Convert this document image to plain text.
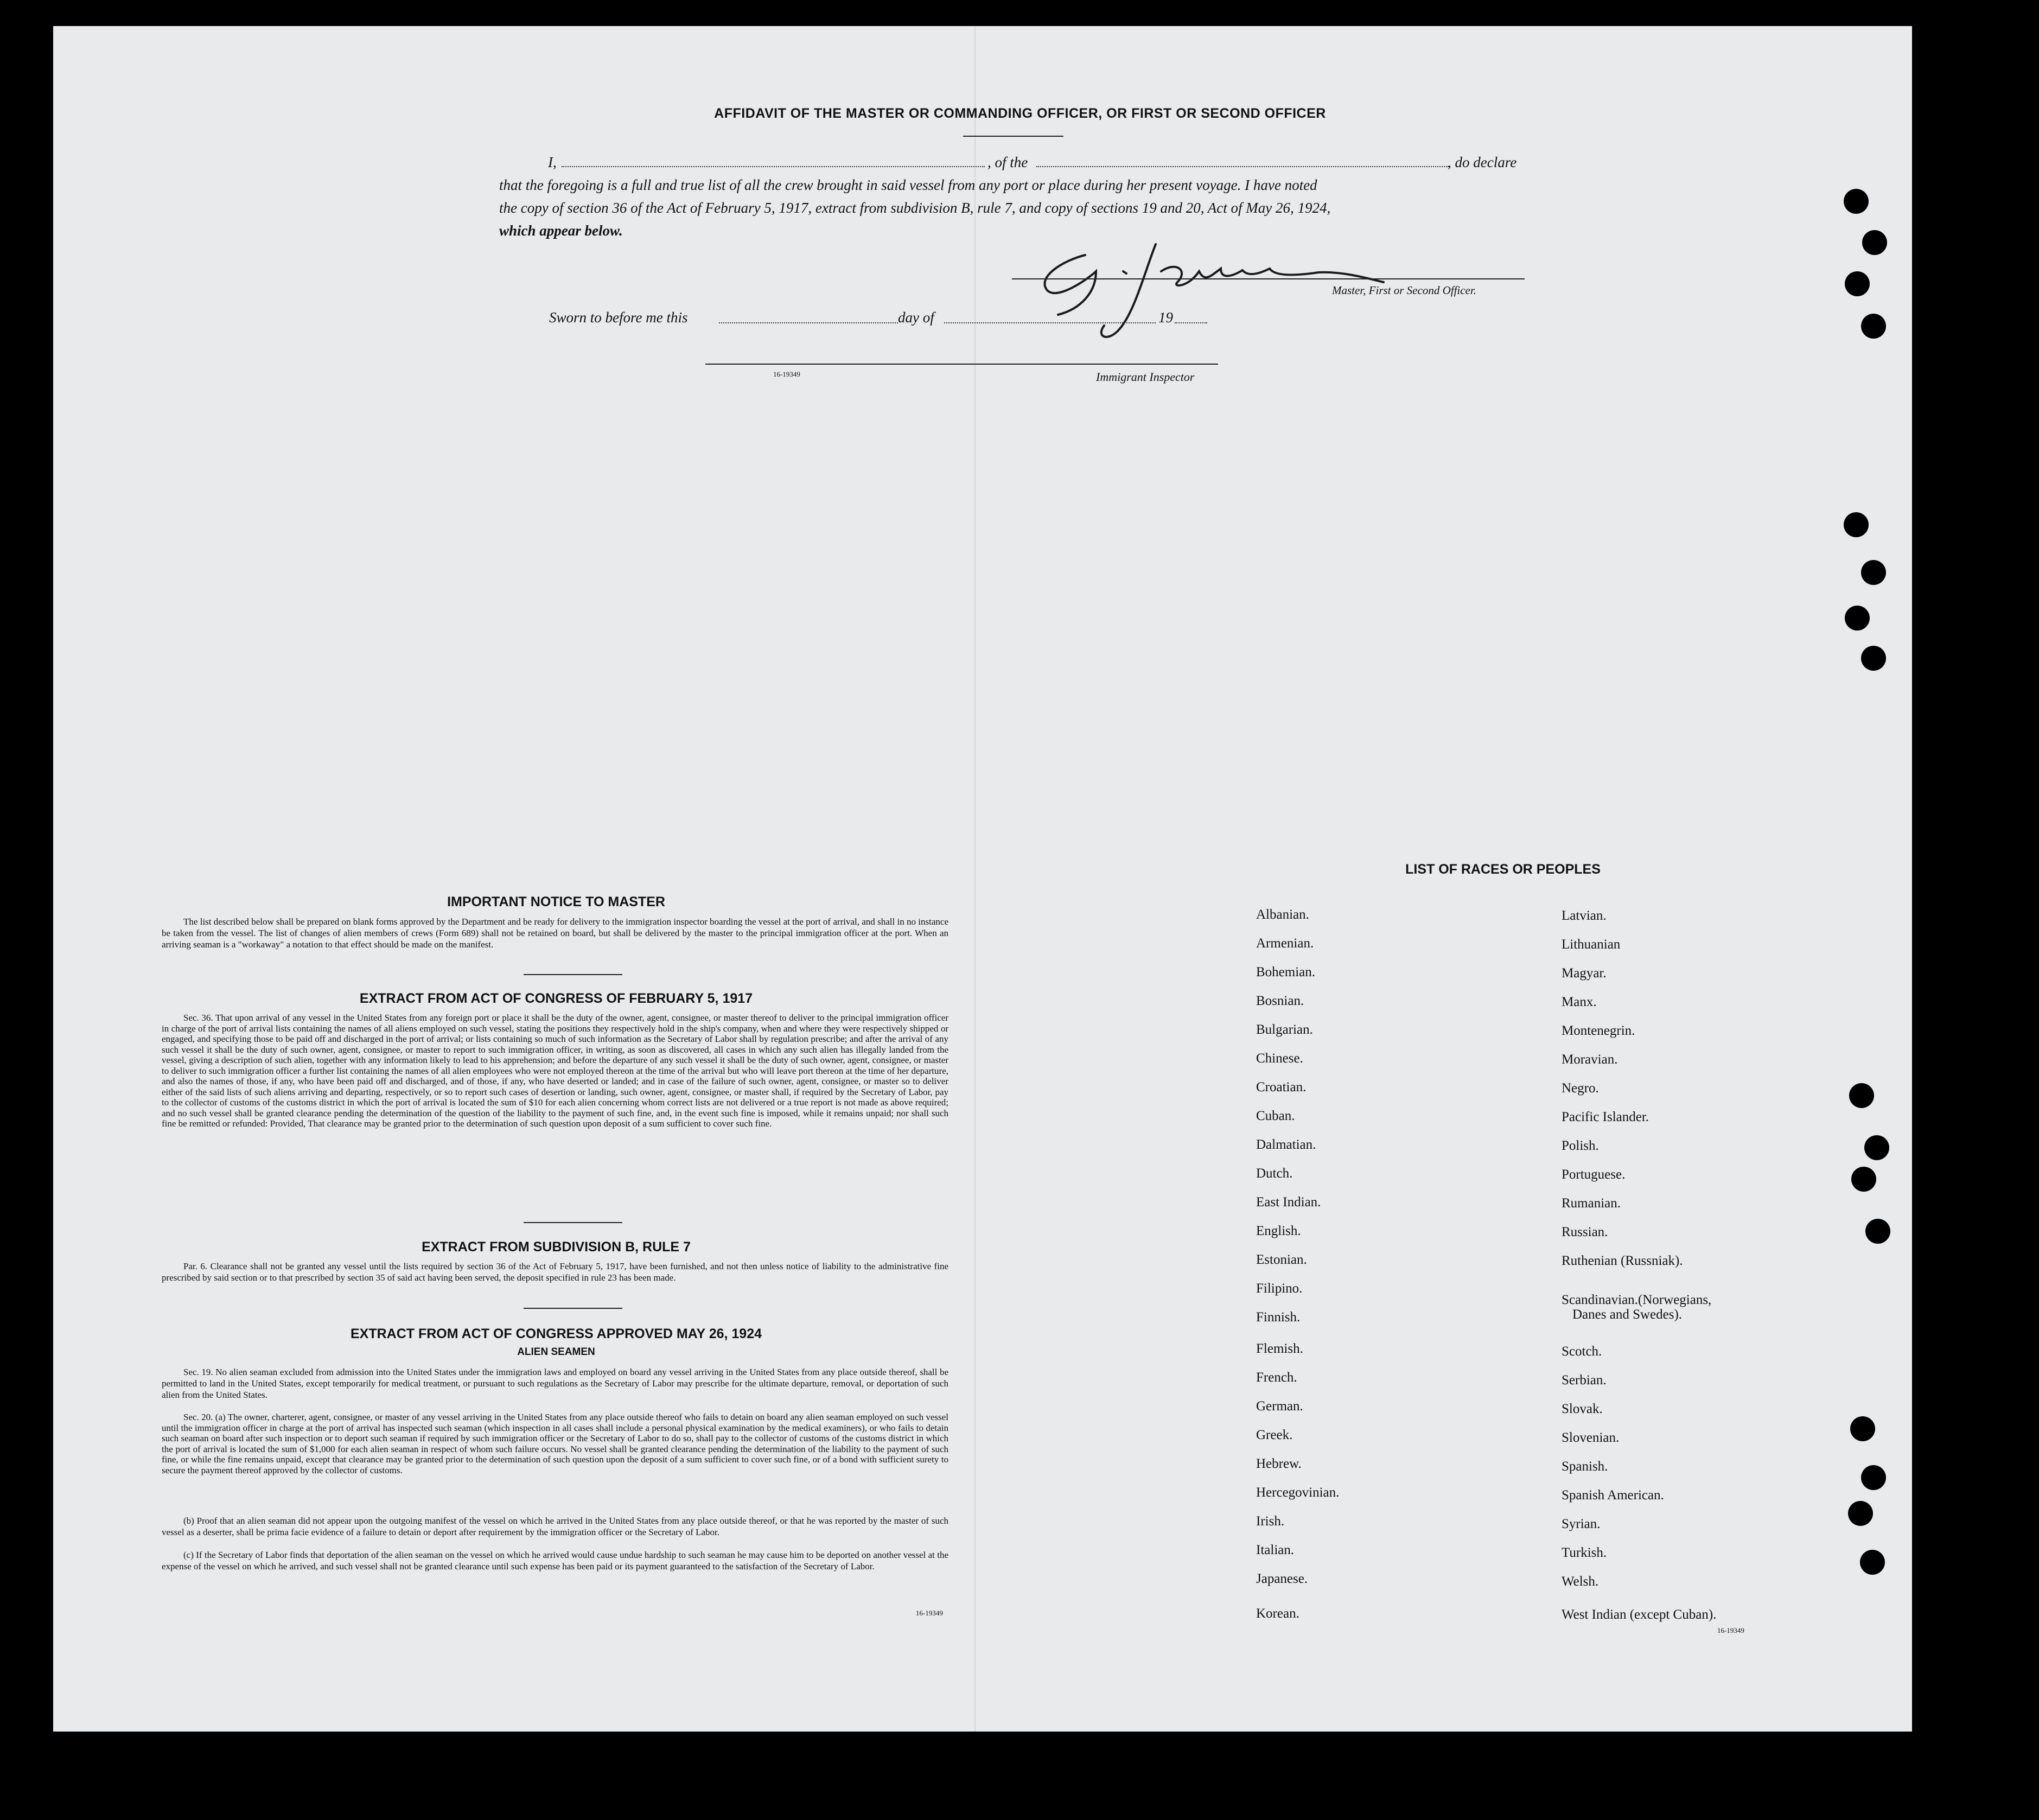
AFFIDAVIT OF THE MASTER OR COMMANDING OFFICER, OR FIRST OR SECOND OFFICER
I,	, of the	, do declare
that the foregoing is a full and true list of all the crew brought in said vessel from any port or place during her present voyage. I have noted
the copy of section 36 of the Act of February 5, 1917, extract from subdivision B, rule 7, and copy of sections 19 and 20, Act of May 26, 1924,
which appear below.
Master, First or Second Officer.
Sworn to before me this	day of	19
16-19349	Immigrant Inspector
IMPORTANT NOTICE TO MASTER
The list described below shall be prepared on blank forms approved by the Department and be ready for delivery to the immigration inspector boarding the vessel at the port of arrival, and shall in no instance be taken from the vessel. The list of changes of alien members of crews (Form 689) shall not be retained on board, but shall be delivered by the master to the principal immigration officer at the port. When an arriving seaman is a "workaway" a notation to that effect should be made on the manifest.
EXTRACT FROM ACT OF CONGRESS OF FEBRUARY 5, 1917
Sec. 36. That upon arrival of any vessel in the United States from any foreign port or place it shall be the duty of the owner, agent, consignee, or master thereof to deliver to the principal immigration officer in charge of the port of arrival lists containing the names of all aliens employed on such vessel, stating the positions they respectively hold in the ship's company, when and where they were respectively shipped or engaged, and specifying those to be paid off and discharged in the port of arrival; or lists containing so much of such information as the Secretary of Labor shall by regulation prescribe; and after the arrival of any such vessel it shall be the duty of such owner, agent, consignee, or master to report to such immigration officer, in writing, as soon as discovered, all cases in which any such alien has illegally landed from the vessel, giving a description of such alien, together with any information likely to lead to his apprehension; and before the departure of any such vessel it shall be the duty of such owner, agent, consignee, or master to deliver to such immigration officer a further list containing the names of all alien employees who were not employed thereon at the time of the arrival but who will leave port thereon at the time of her departure, and also the names of those, if any, who have been paid off and discharged, and of those, if any, who have deserted or landed; and in case of the failure of such owner, agent, consignee, or master so to deliver either of the said lists of such aliens arriving and departing, respectively, or so to report such cases of desertion or landing, such owner, agent, consignee, or master shall, if required by the Secretary of Labor, pay to the collector of customs of the customs district in which the port of arrival is located the sum of $10 for each alien concerning whom correct lists are not delivered or a true report is not made as above required; and no such vessel shall be granted clearance pending the determination of the question of the liability to the payment of such fine, and, in the event such fine is imposed, while it remains unpaid; nor shall such fine be remitted or refunded: Provided, That clearance may be granted prior to the determination of such question upon deposit of a sum sufficient to cover such fine.
EXTRACT FROM SUBDIVISION B, RULE 7
Par. 6. Clearance shall not be granted any vessel until the lists required by section 36 of the Act of February 5, 1917, have been furnished, and not then unless notice of liability to the administrative fine prescribed by said section or to that prescribed by section 35 of said act having been served, the deposit specified in rule 23 has been made.
EXTRACT FROM ACT OF CONGRESS APPROVED MAY 26, 1924
ALIEN SEAMEN
Sec. 19. No alien seaman excluded from admission into the United States under the immigration laws and employed on board any vessel arriving in the United States from any place outside thereof, shall be permitted to land in the United States, except temporarily for medical treatment, or pursuant to such regulations as the Secretary of Labor may prescribe for the ultimate departure, removal, or deportation of such alien from the United States.
Sec. 20. (a) The owner, charterer, agent, consignee, or master of any vessel arriving in the United States from any place outside thereof who fails to detain on board any alien seaman employed on such vessel until the immigration officer in charge at the port of arrival has inspected such seaman (which inspection in all cases shall include a personal physical examination by the medical examiners), or who fails to detain such seaman on board after such inspection or to deport such seaman if required by such immigration officer or the Secretary of Labor to do so, shall pay to the collector of customs of the customs district in which the port of arrival is located the sum of $1,000 for each alien seaman in respect of whom such failure occurs. No vessel shall be granted clearance pending the determination of the liability to the payment of such fine, or while the fine remains unpaid, except that clearance may be granted prior to the determination of such question upon the deposit of a sum sufficient to cover such fine, or of a bond with sufficient surety to secure the payment thereof approved by the collector of customs.
(b) Proof that an alien seaman did not appear upon the outgoing manifest of the vessel on which he arrived in the United States from any place outside thereof, or that he was reported by the master of such vessel as a deserter, shall be prima facie evidence of a failure to detain or deport after requirement by the immigration officer or the Secretary of Labor.
(c) If the Secretary of Labor finds that deportation of the alien seaman on the vessel on which he arrived would cause undue hardship to such seaman he may cause him to be deported on another vessel at the expense of the vessel on which he arrived, and such vessel shall not be granted clearance until such expense has been paid or its payment guaranteed to the satisfaction of the Secretary of Labor.
16-19349
LIST OF RACES OR PEOPLES
Albanian.
Armenian.
Bohemian.
Bosnian.
Bulgarian.
Chinese.
Croatian.
Cuban.
Dalmatian.
Dutch.
East Indian.
English.
Estonian.
Filipino.
Finnish.
Flemish.
French.
German.
Greek.
Hebrew.
Hercegovinian.
Irish.
Italian.
Japanese.
Korean.
Latvian.
Lithuanian
Magyar.
Manx.
Montenegrin.
Moravian.
Negro.
Pacific Islander.
Polish.
Portuguese.
Rumanian.
Russian.
Ruthenian (Russniak).
Scandinavian.(Norwegians,
Danes and Swedes).
Scotch.
Serbian.
Slovak.
Slovenian.
Spanish.
Spanish American.
Syrian.
Turkish.
Welsh.
West Indian (except Cuban).
16-19349
